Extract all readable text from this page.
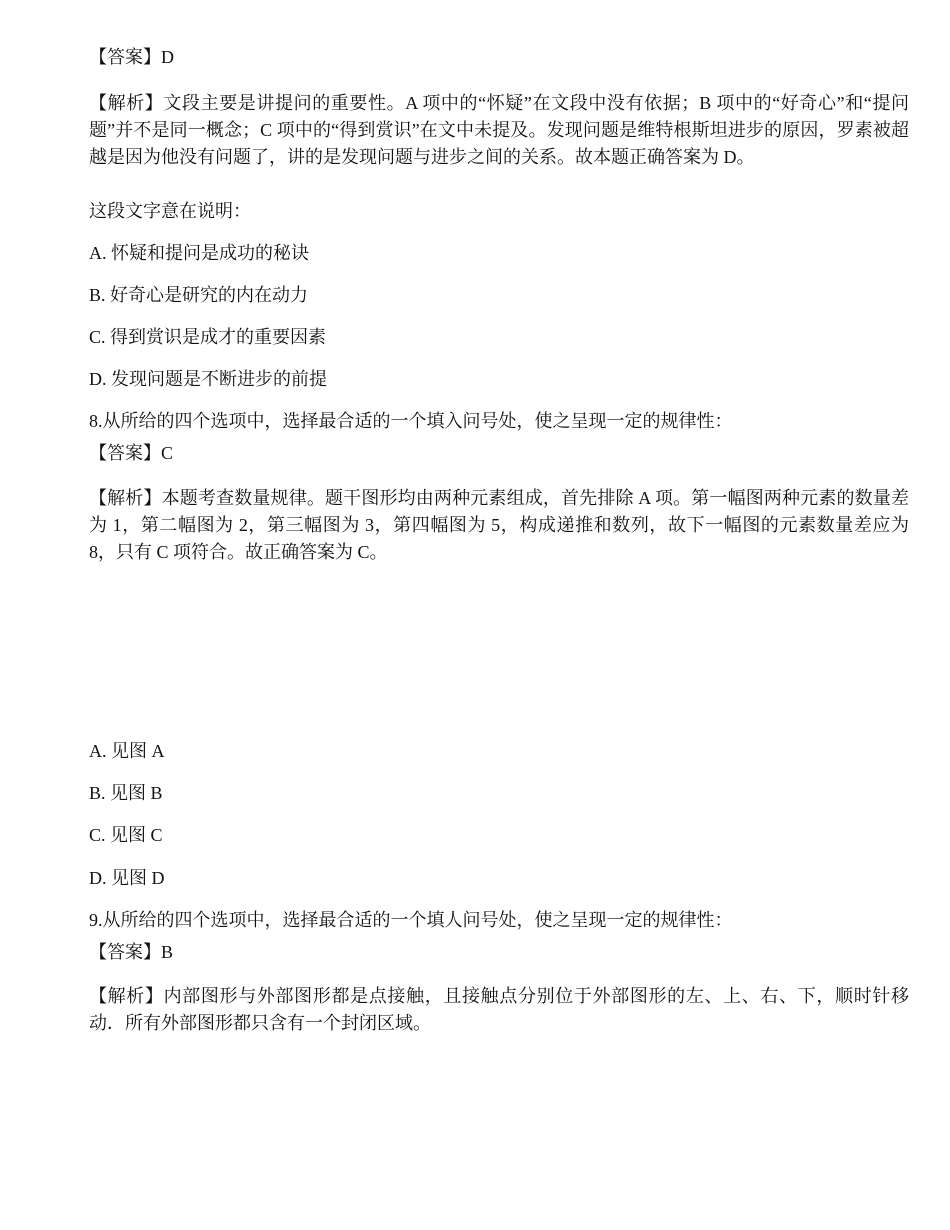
【答案】D
【解析】文段主要是讲提问的重要性。A 项中的“怀疑”在文段中没有依据；B 项中的“好奇心”和“提问题”并不是同一概念；C 项中的“得到赏识”在文中未提及。发现问题是维特根斯坦进步的原因，罗素被超越是因为他没有问题了，讲的是发现问题与进步之间的关系。故本题正确答案为 D。
这段文字意在说明：
A. 怀疑和提问是成功的秘诀
B. 好奇心是研究的内在动力
C. 得到赏识是成才的重要因素
D. 发现问题是不断进步的前提
8.从所给的四个选项中，选择最合适的一个填入问号处，使之呈现一定的规律性：
【答案】C
【解析】本题考查数量规律。题干图形均由两种元素组成，首先排除 A 项。第一幅图两种元素的数量差为 1，第二幅图为 2，第三幅图为 3，第四幅图为 5，构成递推和数列，故下一幅图的元素数量差应为 8，只有 C 项符合。故正确答案为 C。
A. 见图 A
B. 见图 B
C. 见图 C
D. 见图 D
9.从所给的四个选项中，选择最合适的一个填人问号处，使之呈现一定的规律性：
【答案】B
【解析】内部图形与外部图形都是点接触，且接触点分别位于外部图形的左、上、右、下，顺时针移动．所有外部图形都只含有一个封闭区域。
